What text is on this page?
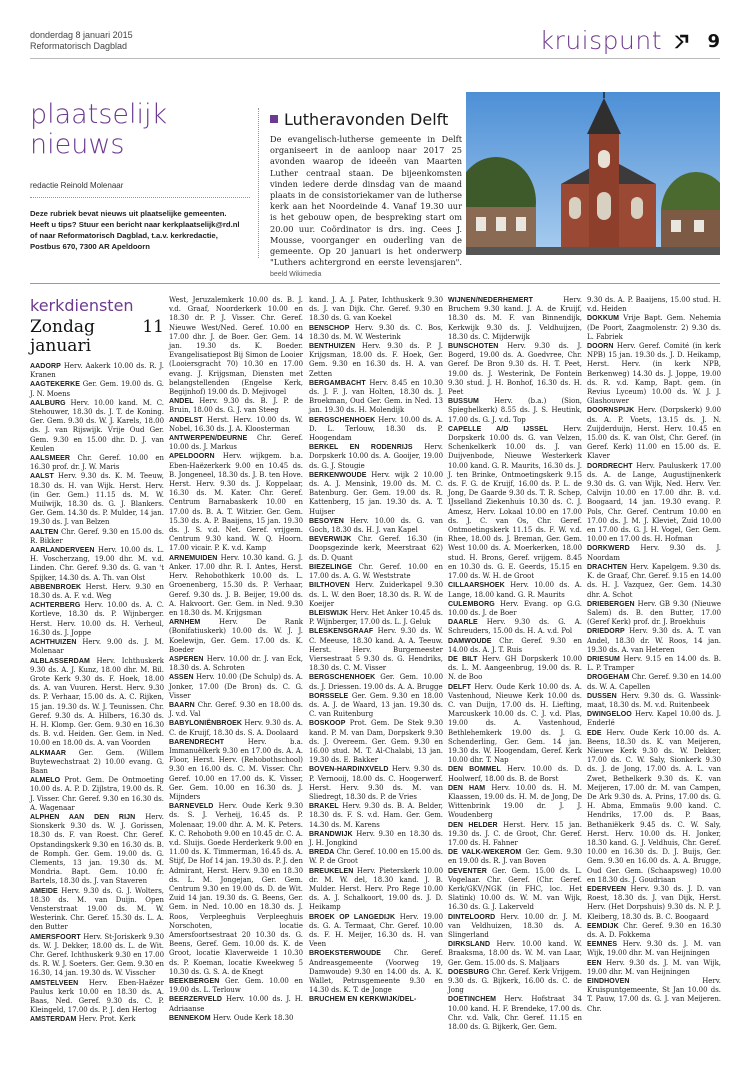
donderdag 8 januari 2015
Reformatorisch Dagblad	kruispunt	9
plaatselijk nieuws
redactie Reinold Molenaar
Deze rubriek bevat nieuws uit plaatselijke gemeenten. Heeft u tips? Stuur een bericht naar kerkplaatselijk@rd.nl of naar Reformatorisch Dagblad, t.a.v. kerkredactie, Postbus 670, 7300 AR Apeldoorn
Lutheravonden Delft
De evangelisch-lutherse gemeente in Delft organiseert in de aanloop naar 2017 25 avonden waarop de ideeën van Maarten Luther centraal staan. De bijeenkomsten vinden iedere derde dinsdag van de maand plaats in de consistoriekamer van de lutherse kerk aan het Noordeinde 4. Vanaf 19.30 uur is het gebouw open, de bespreking start om 20.00 uur. Coördinator is drs. ing. Cees J. Mousse, voorganger en ouderling van de gemeente. Op 20 januari is het onderwerp "Luthers achtergrond en eerste levensjaren". beeld Wikimedia
kerkdiensten
Zondag 11 januari

AADORP Herv. Aakerk 10.00 ds. R. J. Kranen

AAGTEKERKE Ger. Gem. 19.00 ds. G. J. N. Moens

AALBURG Herv. 10.00 kand. M. C. Stehouwer, 18.30 ds. J. T. de Koning. Ger. Gem. 9.30 ds. W. J. Karels, 18.00 ds. J. van Rijswijk. Vrije Oud Ger. Gem. 9.30 en 15.00 dhr. D. J. van Keulen

AALSMEER Chr. Geref. 10.00 en 16.30 prof. dr. J. W. Maris

AALST Herv. 9.30 ds. K. M. Teeuw, 18.30 ds. H. van Wijk. Herst. Herv. (in Ger. Gem.) 11.15 ds. M. W. Muilwijk, 18.30 ds. G. J. Blankers. Ger. Gem. 14.30 ds. P. Mulder, 14 jan. 19.30 ds. J. van Belzen

AALTEN Chr. Geref. 9.30 en 15.00 ds. R. Bikker

AARLANDERVEEN Herv. 10.00 ds. L. H. Voscherzang, 19.00 dhr. M. v.d. Linden. Chr. Geref. 9.30 ds. G. van 't Spijker, 14.30 ds. A. Th. van Olst

ABBENBROEK Herst. Herv. 9.30 en 18.30 ds. A. F. v.d. Weg

ACHTERBERG Herv. 10.00 ds. A. C. Kortleve, 18.30 ds. P. Wijnberger. Herst. Herv. 10.00 ds. H. Verheul, 16.30 ds. J. Joppe

ACHTHUIZEN Herv. 9.00 ds. J. M. Molenaar

ALBLASSERDAM Herv. Ichthuskerk 9.30 ds. A. J. Kunz, 18.00 dhr. M. Bil. Grote Kerk 9.30 ds. F. Hoek, 18.00 ds. A. van Vuuren. Herst. Herv. 9.30 ds. P. Verhaar, 15.00 ds. A. C. Rijken, 15 jan. 19.30 ds. W. J. Teunissen. Chr. Geref. 9.30 ds. A. Hilbers, 16.30 ds. H. H. Klomp. Ger. Gem. 9.30 en 16.30 ds. B. v.d. Heiden. Ger. Gem. in Ned. 10.00 en 18.00 ds. A. van Voorden

ALKMAAR Ger. Gem. (Willem Buytewechstraat 2) 10.00 evang. G. Baan

ALMELO Prot. Gem. De Ontmoeting 10.00 ds. A. P. D. Zijlstra, 19.00 ds. R. J. Visser. Chr. Geref. 9.30 en 16.30 ds. A. Wagenaar

ALPHEN AAN DEN RIJN Herv. Sionskerk 9.30 ds. W. J. Gorissen, 18.30 ds. F. van Roest. Chr. Geref. Opstandingskerk 9.30 en 16.30 ds. B. de Romph. Ger. Gem. 19.00 ds. G. Clements, 13 jan. 19.30 ds. M. Mondria. Bapt. Gem. 10.00 fr. Bartels, 18.30 ds. J. van Staveren

AMEIDE Herv. 9.30 ds. G. J. Wolters, 18.30 ds. M. van Duijn. Open Vensterstraat 19.00 ds. M. W. Westerink. Chr. Geref. 15.30 ds. L. A. den Butter

AMERSFOORT Herv. St-Joriskerk 9.30 ds. W. J. Dekker, 18.00 ds. L. de Wit. Chr. Geref. Ichthuskerk 9.30 en 17.00 ds. R. W. J. Soeters. Ger. Gem. 9.30 en 16.30, 14 jan. 19.30 ds. W. Visscher

AMSTELVEEN Herv. Eben-Haëzer Paulus kerk 10.00 en 18.30 ds. A. Baas, Ned. Geref. 9.30 ds. C. P. Kleingeld, 17.00 ds. P. J. den Hertog

AMSTERDAM Herv. Prot. Kerk

West, Jeruzalemkerk 10.00 ds. B. J. v.d. Graaf, Noorderkerk 10.00 en 18.30 dr. P. J. Visser. Chr. Geref. Nieuwe West/Ned. Geref. 10.00 en 17.00 dhr. J. de Boer. Ger. Gem. 14 jan. 19.30 ds. K. Boeder. Evangelisatiepost Bij Simon de Looier (Looiersgracht 70) 10.30 en 17.00 evang. J. Krijgsman, Diensten met belangstellenden (Engelse Kerk, Begijnhof) 19.00 ds. D. Mejivogel

ANDEL Herv. 9.30 ds. B. J. P. de Bruin, 18.00 ds. G. J. van Steeg

ANDELST Herst. Herv. 10.00 ds. W. Nobel, 16.30 ds. J. A. Kloosterman

ANTWERPEN/DEURNE Chr. Geref. 10.00 ds. J. Markus

APELDOORN Herv. wijkgem. b.a. Eben-Haëzerkerk 9.00 en 10.45 ds. B. Jongeneel, 18.30 ds. J. B. ten Hove. Herst. Herv. 9.30 ds. J. Koppelaar, 16.30 ds. M. Kater. Chr. Geref. Centrum Barnabaskerk 10.00 en 17.00 ds. B. A. T. Witzier. Ger. Gem. 15.30 ds. A. P. Baaijens, 15 jan. 19.30 ds. J. S. v.d. Net. Geref. vrijgem. Centrum 9.30 kand. W. Q. Hoorn. 17.00 vicair. P. K. v.d. Kamp

ARNEMUIDEN Herv. 10.30 kand. G. J. Anker. 17.00 dhr. R. I. Antes, Herst. Herv. Rehobothkerk 10.00 ds. L. Groenenberg, 15.30 ds. P. Verhaar, Geref. 9.30 ds. J. B. Beijer, 19.00 ds. A. Hakvoort. Ger. Gem. in Ned. 9.30 en 18.30 ds. M. Krijgsman

ARNHEM	Herv. De Rank (Bonifatiuskerk) 10.00 ds. W. J. J. Koelewijn, Ger. Gem. 17.00 ds. K. Boeder

ASPEREN Herv. 10.00 dr. J. van Eck, 18.30 ds. A. Schroten

ASSEN Herv. 10.00 (De Schulp) ds. A. Jonker, 17.00 (De Bron) ds. C. G. Visser

BAARN Chr. Geref. 9.30 en 18.00 ds. J. v.d. Val

BABYLONIËNBROEK Herv. 9.30 ds. A. C. de Kruijf, 18.30 ds. S. A. Doolaard

BARENDRECHT	Herv. b.a. Immanuëlkerk 9.30 en 17.00 ds. A. A. Floor, Herst. Herv. (Rehobothschool) 9.30 en 16.00 ds. C. M. Visser. Chr. Geref. 10.00 en 17.00 ds. K. Visser, Ger. Gem. 10.00 en 16.30 ds. J. Mijnders

BARNEVELD Herv. Oude Kerk 9.30 ds. S. J. Verheij, 16.45 ds. P. Molenaar, 19.00 dhr. A. M. K. Peters. K. C. Rehoboth 9.00 en 10.45 dr. C. A. v.d. Sluijs. Goede Herderkerk 9.00 en 11.00 ds. K. Timmerman, 16.45 ds. A. Stijf, De Hof 14 jan. 19.30 ds. P. J. den Admirant, Herst. Herv. 9.30 en 18.30 ds. L. M. Jongejan, Ger. Gem. Centrum 9.30 en 19.00 ds. D. de Wit. Zuid 14 jan. 19.30 ds. G. Beens, Ger. Gem. in Ned. 10.00 en 18.30 ds. J. Roos, Verpleeghuis Verpleeghuis Norschoten, locatie Amersfoortsestraat 20 10.30 ds. G. Beens, Geref. Gem. 10.00 ds. K. de Groot, locatie Klaverweide 1 10.30 ds. P. Koeman, locatie Kweekweg 5 10.30 ds. G. S. A. de Knegt

BEEKBERGEN Ger. Gem. 10.00 en 19.00 ds. L. Terlouw

BEERZERVELD Herv. 10.00 ds. J. H. Adriaanse

BENNEKOM Herv. Oude Kerk 18.30

kand. J. A. J. Pater, Ichthuskerk 9.30 ds. J. van Dijk. Chr. Geref. 9.30 en 18.30 ds. G. van Koekel

BENSCHOP Herv. 9.30 ds. C. Bos, 18.30 ds. M. W. Westerink

BENTHUIZEN Herv. 9.30 ds. P. J. Krijgsman, 18.00 ds. F. Hoek, Ger. Gem. 9.30 en 16.30 ds. H. A. van Zetten

BERGAMBACHT Herv. 8.45 en 10.30 ds. J. F. J. van Holten, 18.30 ds. J. Broekman, Oud Ger. Gem. in Ned. 13 jan. 19.30 ds. H. Molendijk

BERGSCHENHOEK Herv. 10.00 ds. A. D. L. Terlouw, 18.30 ds. P. Hoogendam

BERKEL EN RODENRIJS Herv. Dorpskerk 10.00 ds. A. Gooijer, 19.00 ds. G. J. Stougie

BERKENWOUDE Herv. wijk 2 10.00 ds. A. J. Mensink, 19.00 ds. M. C. Batenburg. Ger. Gem. 19.00 ds. R. Kattenberg, 15 jan. 19.30 ds. A. T. Huijser

BESOYEN Herv. 10.00 ds. G. van Goch, 18.30 ds. H. J. van Kapel

BEVERWIJK Chr. Geref. 16.30 (in Doopsgezinde kerk, Meerstraat 62) ds. D. Quant

BIEZELINGE Chr. Geref. 10.00 en 17.00 ds. A. G. W. Weststrate

BILTHOVEN Herv. Zuiderkapel 9.30 ds. L. W. den Boer, 18.30 ds. R. W. de Koeijer

BLEISWIJK Herv. Het Anker 10.45 ds. P. Wijnberger, 17.00 ds. L. J. Geluk

BLESKENSGRAAF Herv. 9.30 ds. W. C. Meeuse, 18.30 kand. A. A. Teeuw. Herst. Herv. Burgemeester Viersestraat 5 9.30 ds. G. Hendriks, 18.30 ds. C. M. Visser

BERGSCHENHOEK Ger. Gem. 10.00 ds. J. Driessen. 19.00 ds. A. A. Brugge

BORSSELE Ger. Gem. 9.30 en 18.00 ds. A. J. de Waard, 13 jan. 19.30 ds. C. van Ruitenburg

BOSKOOP Prot. Gem. De Stek 9.30 kand. P. M. van Dam, Dorpskerk 9.30 ds. J. Overeem. Ger. Gem. 9.30 en 16.00 stud. M. T. Al-Chalabi, 13 jan. 19.30 ds. E. Bakker

BOVEN-HARDINXVELD Herv. 9.30 ds. P. Vernooij, 18.00 ds. C. Hoogerwerf. Herst. Herv. 9.30 ds. M. van Sliedregt, 18.30 ds. P. de Vries

BRAKEL Herv. 9.30 ds. B. A. Belder, 18.30 ds. F. S. v.d. Ham. Ger. Gem. 14.30 ds. M. Karens

BRANDWIJK Herv. 9.30 en 18.30 ds. J. H. Jongkind

BREDA Chr. Geref. 10.00 en 15.00 ds. W. P. de Groot

BREUKELEN Herv. Pieterskerk 10.00 dr. M. W. del, 18.30 kand. J. B. Mulder. Herst. Herv. Pro Rege 10.00 ds. A. J. Schalkoort, 19.00 ds. J. D. Heikamp

BROEK OP LANGEDIJK Herv. 19.00 ds. G. A. Termaat, Chr. Geref. 10.00 ds. F. H. Meijer, 16.30 ds. H. van Veen

BROEKSTERWOUDE Chr. Geref. Andreasgemeente (Voorweg 19, Damwoude) 9.30 en 14.00 ds. A. K. Wallet, Petrusgemeente 9.30 en 14.30 ds. K. T. de Jonge

BRUCHEM EN KERKWIJK/DEL-

WIJNEN/NEDERHEMERT	Herv. Bruchem 9.30 kand. J. A. de Kruijf, 18.30 ds. M. F. van Binnendijk, Kerkwijk 9.30 ds. J. Veldhuijzen, 18.30 ds. C. Mijderwijk

BUNSCHOTEN Herv. 9.30 ds. J. Bogerd, 19.00 ds. A. Goedvree, Chr. Geref. De Bron 9.30 ds. H. T. Peet, 19.00 ds. J. Westerink, De Fontein 9.30 stud. J. H. Bonhof, 16.30 ds. H. Peet

BUSSUM Herv. (b.a.) (Sion, Spieghelkerk) 8.55 ds. J. S. Heutink, 17.00 ds. G. J. v.d. Top

CAPELLE A/D IJSSEL Herv. Dorpskerk 10.00 ds. G. van Velzen, Schenkelkerk 10.00 ds. J. van Duijvenbode, Nieuwe Westerkerk 10.00 kand. G. R. Maurits, 16.30 ds. J. J. ten Brinke, Ontmoetingskerk 9.15 ds. F. G. de Kruijf, 16.00 ds. P. L. de Jong, De Gaarde 9.30 ds. T. R. Schep, IJsselland Ziekenhuis 10.30 ds. C. J. Amesz, Herv. Lokaal 10.00 en 17.00 ds. J. C. van Os, Chr. Geref. Ontmoetingskerk 11.15 ds. F. W. v.d. Rhee, 18.00 ds. J. Breman, Ger. Gem. West 10.00 ds. A. Moerkerken, 18.00 stud. H. Brons, Geref. vrijgem. 8.45 en 10.30 ds. G. E. Geerds, 15.15 en 17.00 ds. W. H. de Groot

CILLAARSHOEK Herv. 10.00 ds. A. Lange, 18.00 kand. G. R. Maurits

CULEMBORG Herv. Evang. op G.G. 10.00 ds. J. de Boer

DAARLE Herv. 9.30 ds. G. A. Schreuders, 15.00 ds. H. A. v.d. Pol

DAMWOUDE Chr. Geref. 9.30 en 14.00 ds. A. J. T. Ruis

DE BILT Herv. GH Dorpskerk 10.00 ds. L. M. Aangeenbrug, 19.00 ds. R. N. de Boo

DELFT Herv. Oude Kerk 10.00 ds. A. Vastenhoud, Nieuwe Kerk 10.00 ds. C. van Duijn, 17.00 ds. H. Liefting, Marcuskerk 10.00 ds. C. J. v.d. Plas, 19.00 ds. A. Vastenhoud, Bethlehemkerk 19.00 ds. J. G. Schenderling, Ger. Gem. 14 jan. 19.30 ds. W. Hoogendam, Geref. Kerk 10.00 dhr. T. Nap

DEN BOMMEL Herv. 10.00 ds. D. Hoolwerf, 18.00 ds. B. de Borst

DEN HAM Herv. 10.00 ds. H. M. Klaassen, 19.00 ds. H. M. de Jong, De Wittenbrink 19.00 dr. J. J. Woudenberg

DEN HELDER Herst. Herv. 15 jan. 19.30 ds. J. C. de Groot, Chr. Geref. 17.00 ds. H. Fahner

DE VALK-WEKEROM Ger. Gem. 9.30 en 19.00 ds. R. J. van Boven

DEVENTER Ger. Gem. 15.00 ds. L. Vogelaar. Chr. Geref. (Chr. Geref. Kerk/GKV/NGK (in FHC, loc. Het Slatink) 10.00 ds. W. M. van Wijk, 16.30 ds. G. J. Lakerveld

DINTELOORD Herv. 10.00 dr. J. M. van Veldhuizen, 18.30 ds. A. Slingerland

DIRKSLAND Herv. 10.00 kand. W. Braaksma, 18.00 ds. W. M. van Laar, Ger. Gem. 15.00 ds. S. Maljaars

DOESBURG Chr. Geref. Kerk Vrijgem. 9.30 ds. G. Bijkerk, 16.00 ds. C. de Jong

DOETINCHEM Herv. Hofstraat 34 10.00 kand. H. F. Brendeke, 17.00 ds. Chr. v.d. Valk, Chr. Geref. 11.15 en 18.00 ds. G. Bijkerk, Ger. Gem.

9.30 ds. A. P. Baaijens, 15.00 stud. H. v.d. Heiden

DOKKUM Vrije Bapt. Gem. Nehemia (De Poort, Zaagmolenstr. 2) 9.30 ds. L. Fabriek

DOORN Herv. Geref. Comité (in kerk NPB) 15 jan. 19.30 ds. J. D. Heikamp, Herst. Herv. (in kerk NPB, Berkenweg) 14.30 ds. J. Joppe, 19.00 ds. R. v.d. Kamp, Bapt. gem. (in Revius Lyceum) 10.00 ds. W. J. J. Glashouwer

DOORNSPIJK Herv. (Dorpskerk) 9.00 ds. A. P. Voets, 13.15 ds. J. N. Zuijderduijn, Herst. Herv. 10.45 en 15.00 ds. K. van Olst, Chr. Geref. (in Geref. Kerk) 11.00 en 15.00 ds. E. Klaver

DORDRECHT Herv. Pauluskerk 17.00 ds. A. de Lange, Augustijnenkerk 9.30 ds. G. van Wijk, Ned. Herv. Ver. Calvijn 10.00 en 17.00 dhr. B. v.d. Boogaard, 14 jan. 19.30 evang. P. Pols, Chr. Geref. Centrum 10.00 en 17.00 ds. J. M. J. Kleviet, Zuid 10.00 en 17.00 ds. G. J. H. Vogel, Ger. Gem. 10.00 en 17.00 ds. H. Hofman

DORKWERD Herv. 9.30 ds. J. Noordam

DRACHTEN Herv. Kapelgem. 9.30 ds. K. de Graaf, Chr. Geref. 9.15 en 14.00 ds. H. J. Vazquez, Ger. Gem. 14.30 dhr. A. Schot

DRIEBERGEN Herv. GB 9.30 (Nieuwe Salem) ds. B. den Butter, 17.00 (Geref Kerk) prof. dr. J. Broekhuis

DRIEDORP Herv. 9.30 ds. A. T. van Andel, 18.30 dr. W. Roos, 14 jan. 19.30 ds. A. van Heteren

DRIESUM Herv. 9.15 en 14.00 ds. B. L. P. Tramper

DROGEHAM Chr. Geref. 9.30 en 14.00 ds. W. A. Capellen

DUSSEN Herv. 9.30 ds. G. Wassink-maat, 18.30 ds. M. v.d. Ruitenbeek

DWINGELOO Herv. Kapel 10.00 ds. J. Enderlé

EDE Herv. Oude Kerk 10.00 ds. A. Beens, 18.30 ds. K. van Meijeren, Nieuwe Kerk 9.30 ds. W. Dekker, 17.00 ds. C. W. Saly, Sionkerk 9.30 ds. J. de Jong, 17.00 ds. A. L. van Zwet, Bethelkerk 9.30 ds. K. van Meijeren, 17.00 dr. M. van Campen, De Ark 9.30 ds. A. Prins, 17.00 ds. G. H. Abma, Emmaüs 9.00 kand. C. Hendriks, 17.00 ds. P. Baas, Bethaniëkerk 9.45 ds. C. W. Saly, Herst. Herv. 10.00 ds. H. Jonker, 18.30 kand. G. J. Veldhuis, Chr. Geref. 10.00 en 16.30 ds. D. J. Buijs, Ger. Gem. 9.30 en 16.00 ds. A. A. Brugge, Oud Ger. Gem. (Schaapsweg) 10.00 en 18.30 ds. J. Goudriaan

EDERVEEN Herv. 9.30 ds. J. D. van Roest, 18.30 ds. J. van Dijk, Herst. Herv. (Het Dorpshuis) 9.30 ds. N. P. J. Kleiberg, 18.30 ds. B. C. Boogaard

EEMDIJK Chr. Geref. 9.30 en 16.30 ds. A. D. Fokkema

EEMNES Herv. 9.30 ds. J. M. van Wijk, 19.00 dhr. M. van Heijningen

EEN Herv. 9.30 ds. J. M. van Wijk, 19.00 dhr. M. van Heijningen

EINDHOVEN	Herv. Kruispuntgemeente, St Jan 10.00 ds. T. Pauw, 17.00 ds. G. J. van Meijeren. Chr.
